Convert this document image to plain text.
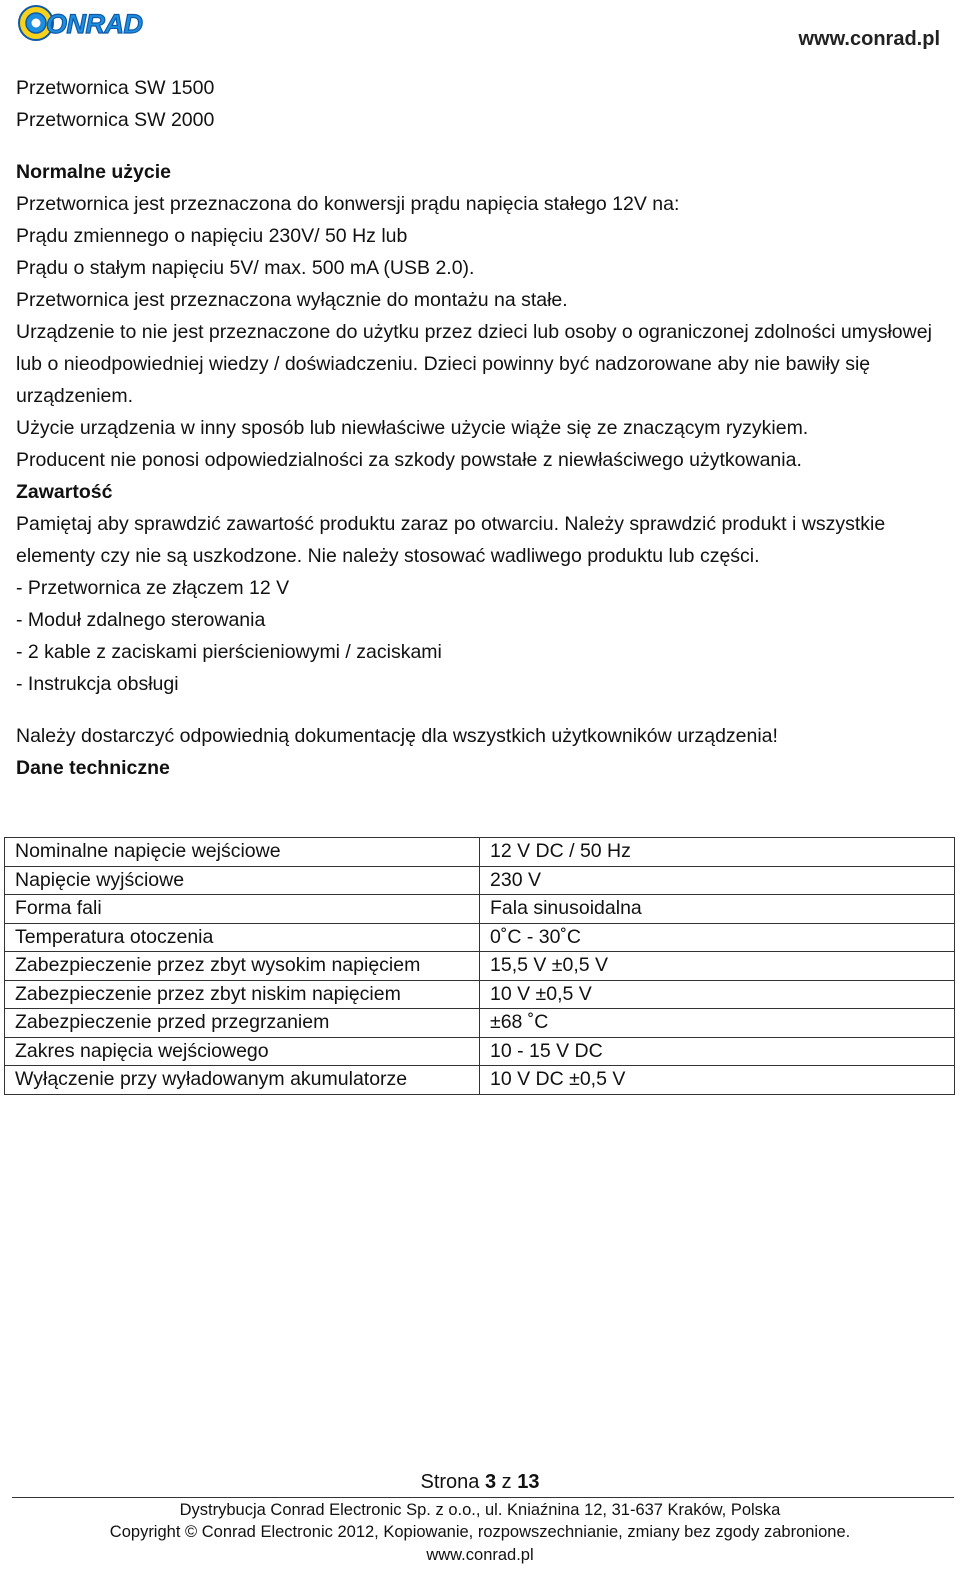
ONRAD	www.conrad.pl

Przetwornica SW 1500

Przetwornica SW 2000

Normalne użycie

Przetwornica jest przeznaczona do konwersji prądu napięcia stałego 12V na:

Prądu zmiennego o napięciu 230V/ 50 Hz lub

Prądu o stałym napięciu 5V/ max. 500 mA (USB 2.0).

Przetwornica jest przeznaczona wyłącznie do montażu na stałe.

Urządzenie to nie jest przeznaczone do użytku przez dzieci lub osoby o ograniczonej zdolności umysłowej lub o nieodpowiedniej wiedzy / doświadczeniu. Dzieci powinny być nadzorowane aby nie bawiły się urządzeniem.

Użycie urządzenia w inny sposób lub niewłaściwe użycie wiąże się ze znaczącym ryzykiem.

Producent nie ponosi odpowiedzialności za szkody powstałe z niewłaściwego użytkowania.

Zawartość

Pamiętaj aby sprawdzić zawartość produktu zaraz po otwarciu. Należy sprawdzić produkt i wszystkie elementy czy nie są uszkodzone. Nie należy stosować wadliwego produktu lub części.

- Przetwornica ze złączem 12 V

- Moduł zdalnego sterowania

- 2 kable z zaciskami pierścieniowymi / zaciskami

- Instrukcja obsługi

Należy dostarczyć odpowiednią dokumentację dla wszystkich użytkowników urządzenia!

Dane techniczne

Nominalne napięcie wejściowe	12 V DC / 50 Hz
Napięcie wyjściowe	230 V
Forma fali	Fala sinusoidalna
Temperatura otoczenia	0˚C - 30˚C
Zabezpieczenie przez zbyt wysokim napięciem	15,5 V ±0,5 V
Zabezpieczenie przez zbyt niskim napięciem	10 V ±0,5 V
Zabezpieczenie przed przegrzaniem	±68 ˚C
Zakres napięcia wejściowego	10 - 15 V DC
Wyłączenie przy wyładowanym akumulatorze	10 V DC ±0,5 V
Strona 3 z 13
Dystrybucja Conrad Electronic Sp. z o.o., ul. Kniaźnina 12, 31-637 Kraków, Polska
Copyright © Conrad Electronic 2012, Kopiowanie, rozpowszechnianie, zmiany bez zgody zabronione.
www.conrad.pl
